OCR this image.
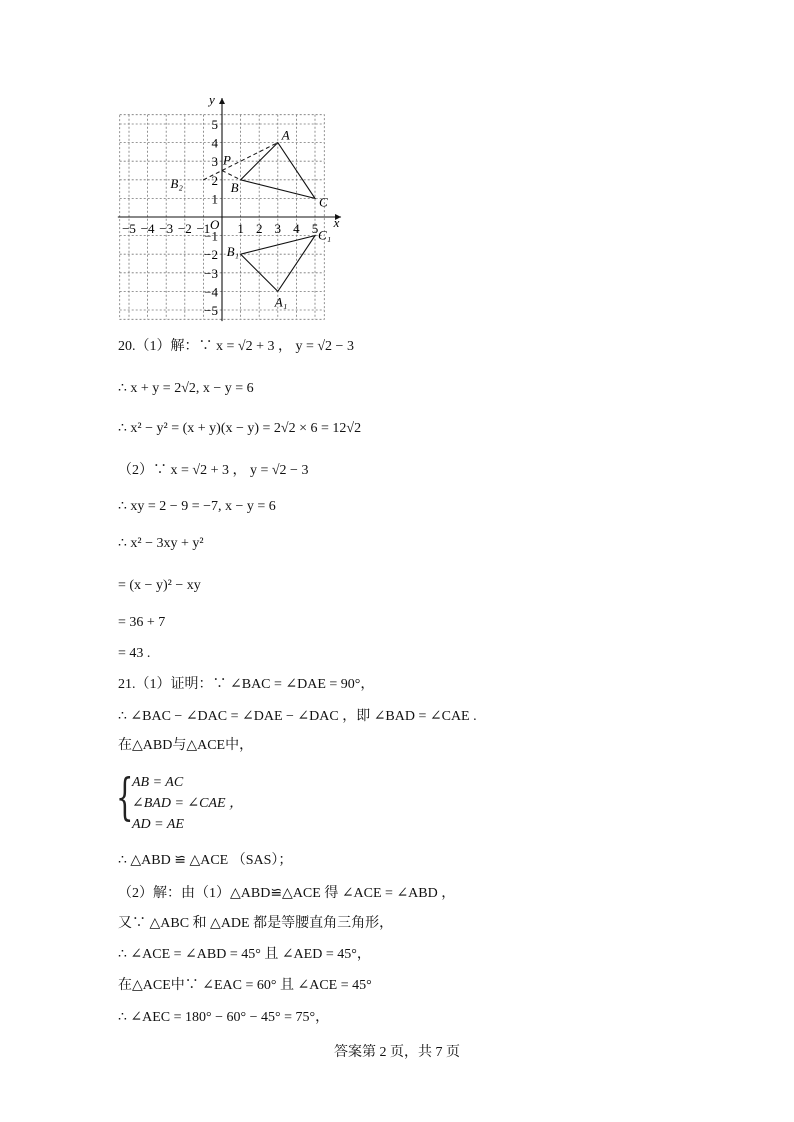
x
y
O
−5 −4 −3 −2 −1 1 2 3 4 5
5
4
3
2
1
−1
−2
−3
−4
−5
A
B
C
P
B₂
A₁
B₁
C₁
20.（1）解：∵ x = √2 + 3 ， y = √2 − 3
∴ x + y = 2√2, x − y = 6
∴ x² − y² = (x + y)(x − y) = 2√2 × 6 = 12√2
（2）∵ x = √2 + 3 ， y = √2 − 3
∴ xy = 2 − 9 = −7, x − y = 6
∴ x² − 3xy + y²
= (x − y)² − xy
= 36 + 7
= 43 .
21.（1）证明：∵ ∠BAC = ∠DAE = 90°，
∴ ∠BAC − ∠DAC = ∠DAE − ∠DAC ，即 ∠BAD = ∠CAE .
在△ABD与△ACE中，
{
AB = AC
∠BAD = ∠CAE ，
AD = AE
∴ △ABD ≌ △ACE （SAS）；
（2）解：由（1）△ABD≌△ACE 得 ∠ACE = ∠ABD ，
又∵ △ABC 和 △ADE 都是等腰直角三角形，
∴ ∠ACE = ∠ABD = 45° 且 ∠AED = 45°，
在△ACE中∵ ∠EAC = 60° 且 ∠ACE = 45°
∴ ∠AEC = 180° − 60° − 45° = 75°，
答案第 2 页，共 7 页
